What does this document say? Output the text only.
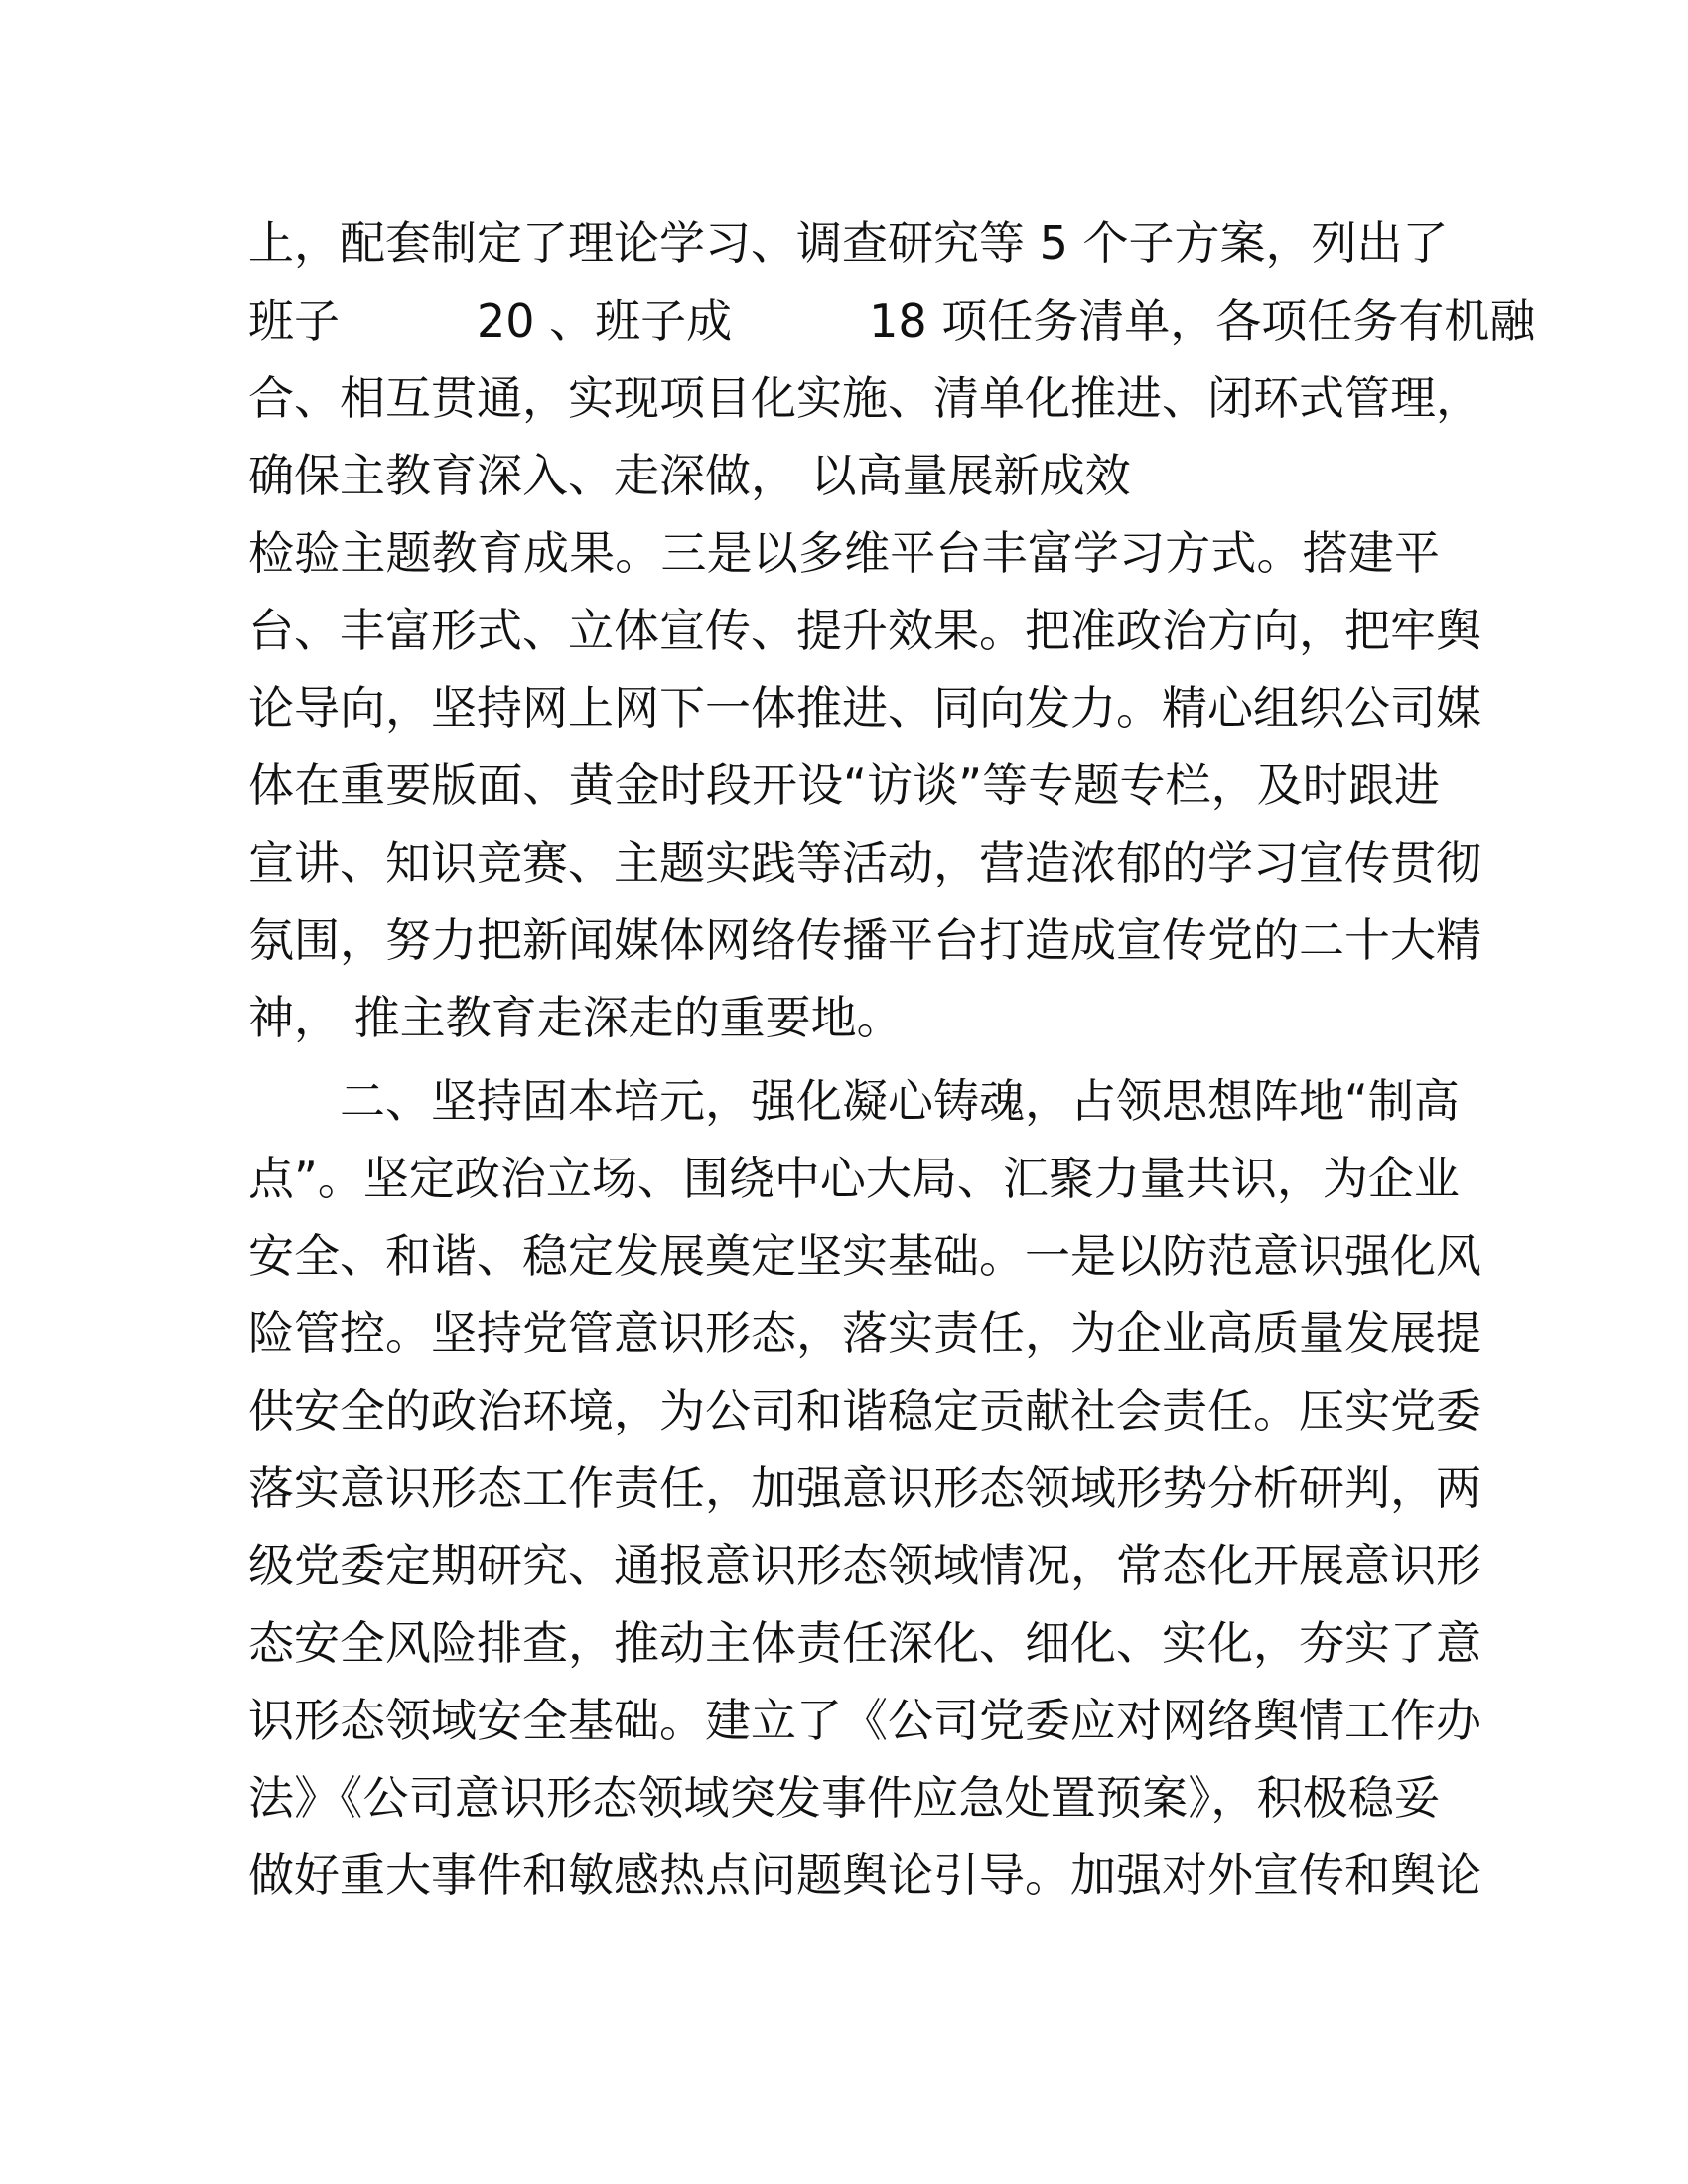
上，配套制定了理论学习、调查研究等 5 个子方案，列出了
班子　　　20 、班子成　　　18 项任务清单，各项任务有机融
合、相互贯通，实现项目化实施、清单化推进、闭环式管理，
确保主教育深入、走深做， 以高量展新成效
检验主题教育成果。三是以多维平台丰富学习方式。搭建平
台、丰富形式、立体宣传、提升效果。把准政治方向，把牢舆
论导向，坚持网上网下一体推进、同向发力。精心组织公司媒
体在重要版面、黄金时段开设“访谈”等专题专栏，及时跟进
宣讲、知识竞赛、主题实践等活动，营造浓郁的学习宣传贯彻
氛围，努力把新闻媒体网络传播平台打造成宣传党的二十大精
神， 推主教育走深走的重要地。
二、坚持固本培元，强化凝心铸魂，占领思想阵地“制高
点”。坚定政治立场、围绕中心大局、汇聚力量共识，为企业
安全、和谐、稳定发展奠定坚实基础。一是以防范意识强化风
险管控。坚持党管意识形态，落实责任，为企业高质量发展提
供安全的政治环境，为公司和谐稳定贡献社会责任。压实党委
落实意识形态工作责任，加强意识形态领域形势分析研判，两
级党委定期研究、通报意识形态领域情况，常态化开展意识形
态安全风险排查，推动主体责任深化、细化、实化，夯实了意
识形态领域安全基础。建立了《公司党委应对网络舆情工作办
法》《公司意识形态领域突发事件应急处置预案》，积极稳妥
做好重大事件和敏感热点问题舆论引导。加强对外宣传和舆论
